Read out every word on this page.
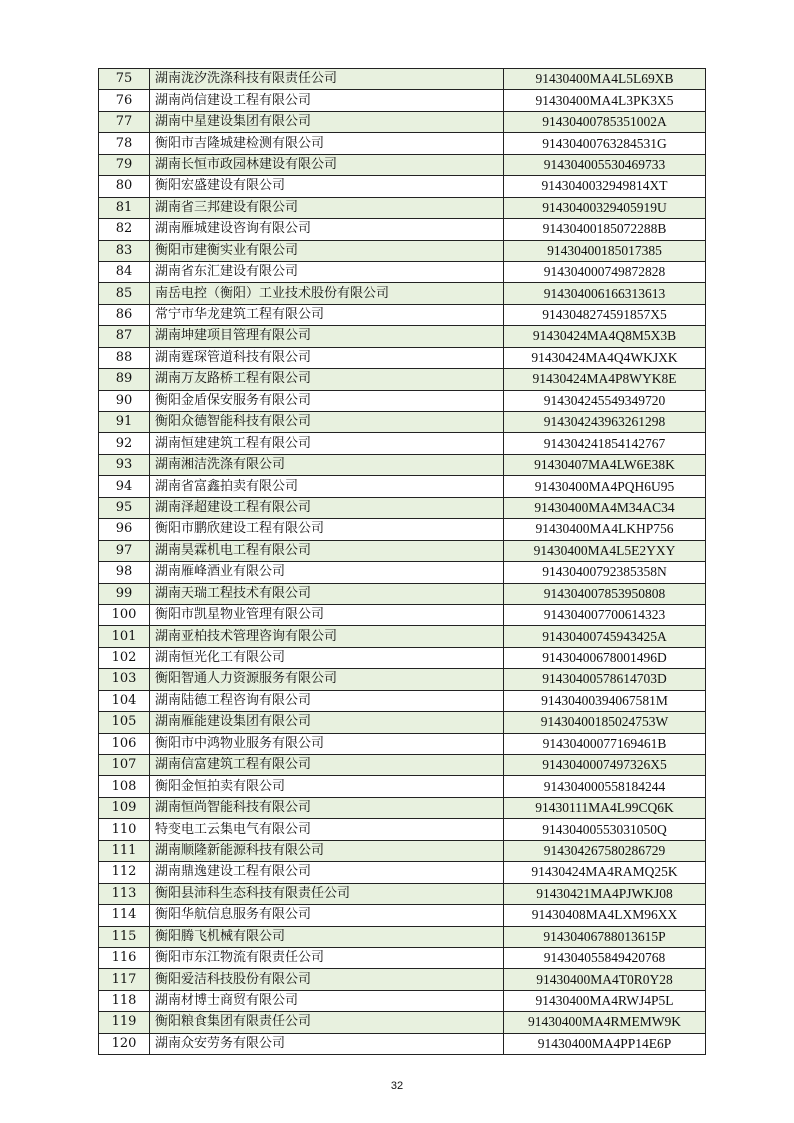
75	湖南泷汐洗涤科技有限责任公司	91430400MA4L5L69XB
76	湖南尚信建设工程有限公司	91430400MA4L3PK3X5
77	湖南中星建设集团有限公司	91430400785351002A
78	衡阳市吉隆城建检测有限公司	91430400763284531G
79	湖南长恒市政园林建设有限公司	914304005530469733
80	衡阳宏盛建设有限公司	9143040032949814XT
81	湖南省三邦建设有限公司	91430400329405919U
82	湖南雁城建设咨询有限公司	91430400185072288B
83	衡阳市建衡实业有限公司	91430400185017385
84	湖南省东汇建设有限公司	914304000749872828
85	南岳电控（衡阳）工业技术股份有限公司	914304006166313613
86	常宁市华龙建筑工程有限公司	9143048274591857X5
87	湖南坤建项目管理有限公司	91430424MA4Q8M5X3B
88	湖南霆琛管道科技有限公司	91430424MA4Q4WKJXK
89	湖南万友路桥工程有限公司	91430424MA4P8WYK8E
90	衡阳金盾保安服务有限公司	914304245549349720
91	衡阳众德智能科技有限公司	914304243963261298
92	湖南恒建建筑工程有限公司	914304241854142767
93	湖南湘洁洗涤有限公司	91430407MA4LW6E38K
94	湖南省富鑫拍卖有限公司	91430400MA4PQH6U95
95	湖南泽超建设工程有限公司	91430400MA4M34AC34
96	衡阳市鹏欣建设工程有限公司	91430400MA4LKHP756
97	湖南昊霖机电工程有限公司	91430400MA4L5E2YXY
98	湖南雁峰酒业有限公司	91430400792385358N
99	湖南天瑞工程技术有限公司	914304007853950808
100	衡阳市凯星物业管理有限公司	914304007700614323
101	湖南亚柏技术管理咨询有限公司	91430400745943425A
102	湖南恒光化工有限公司	91430400678001496D
103	衡阳智通人力资源服务有限公司	91430400578614703D
104	湖南陆德工程咨询有限公司	91430400394067581M
105	湖南雁能建设集团有限公司	91430400185024753W
106	衡阳市中鸿物业服务有限公司	91430400077169461B
107	湖南信富建筑工程有限公司	9143040007497326X5
108	衡阳金恒拍卖有限公司	914304000558184244
109	湖南恒尚智能科技有限公司	91430111MA4L99CQ6K
110	特变电工云集电气有限公司	91430400553031050Q
111	湖南顺隆新能源科技有限公司	914304267580286729
112	湖南鼎逸建设工程有限公司	91430424MA4RAMQ25K
113	衡阳县沛科生态科技有限责任公司	91430421MA4PJWKJ08
114	衡阳华航信息服务有限公司	91430408MA4LXM96XX
115	衡阳腾飞机械有限公司	91430406788013615P
116	衡阳市东江物流有限责任公司	914304055849420768
117	衡阳爱洁科技股份有限公司	91430400MA4T0R0Y28
118	湖南材博士商贸有限公司	91430400MA4RWJ4P5L
119	衡阳粮食集团有限责任公司	91430400MA4RMEMW9K
120	湖南众安劳务有限公司	91430400MA4PP14E6P
32
